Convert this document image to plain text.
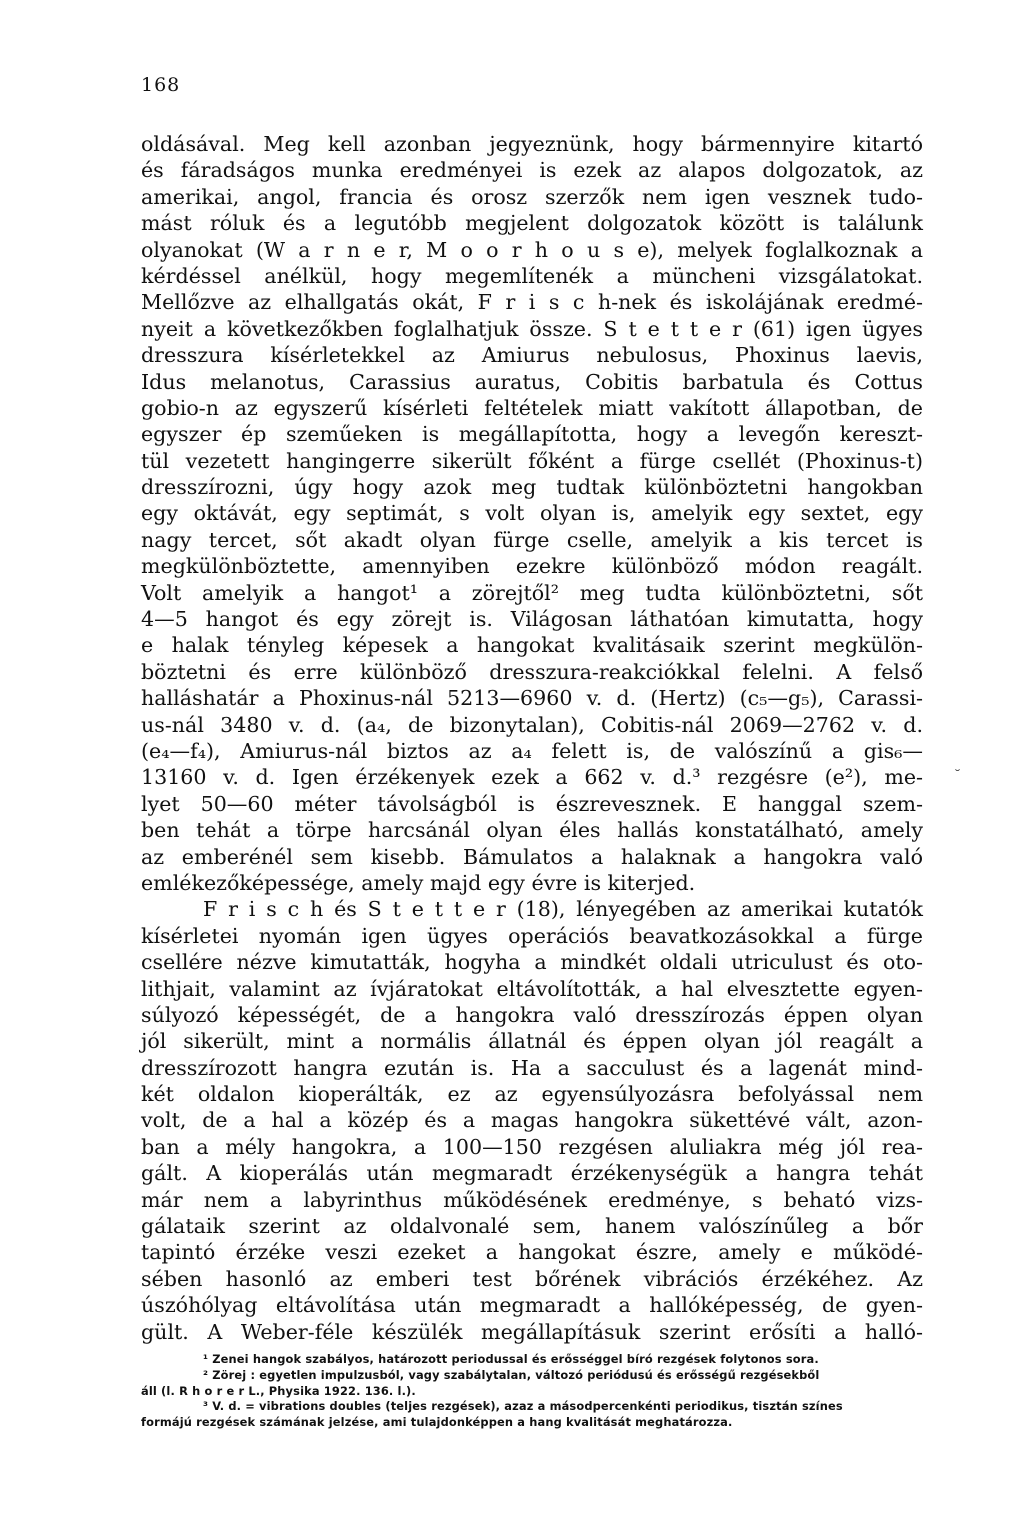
168
oldásával. Meg kell azonban jegyeznünk, hogy bármennyire kitartó
és fáradságos munka eredményei is ezek az alapos dolgozatok, az
amerikai, angol, francia és orosz szerzők nem igen vesznek tudo-
mást róluk és a legutóbb megjelent dolgozatok között is találunk
olyanokat (W a r n e r, M o o r h o u s e), melyek foglalkoznak a
kérdéssel anélkül, hogy megemlítenék a müncheni vizsgálatokat.
Mellőzve az elhallgatás okát, F r i s c h-nek és iskolájának eredmé-
nyeit a következőkben foglalhatjuk össze. S t e t t e r (61) igen ügyes
dresszura kísérletekkel az Amiurus nebulosus, Phoxinus laevis,
Idus melanotus, Carassius auratus, Cobitis barbatula és Cottus
gobio-n az egyszerű kísérleti feltételek miatt vakított állapotban, de
egyszer ép szeműeken is megállapította, hogy a levegőn kereszt-
tül vezetett hangingerre sikerült főként a fürge csellét (Phoxinus-t)
dresszírozni, úgy hogy azok meg tudtak különböztetni hangokban
egy oktávát, egy septimát, s volt olyan is, amelyik egy sextet, egy
nagy tercet, sőt akadt olyan fürge cselle, amelyik a kis tercet is
megkülönböztette, amennyiben ezekre különböző módon reagált.
Volt amelyik a hangot¹ a zörejtől² meg tudta különböztetni, sőt
4—5 hangot és egy zörejt is. Világosan láthatóan kimutatta, hogy
e halak tényleg képesek a hangokat kvalitásaik szerint megkülön-
böztetni és erre különböző dresszura-reakciókkal felelni. A felső
halláshatár a Phoxinus-nál 5213—6960 v. d. (Hertz) (c₅—g₅), Carassi-
us-nál 3480 v. d. (a₄, de bizonytalan), Cobitis-nál 2069—2762 v. d.
(e₄—f₄), Amiurus-nál biztos az a₄ felett is, de valószínű a gis₆—
13160 v. d. Igen érzékenyek ezek a 662 v. d.³ rezgésre (e²), me-
lyet 50—60 méter távolságból is észrevesznek. E hanggal szem-
ben tehát a törpe harcsánál olyan éles hallás konstatálható, amely
az emberénél sem kisebb. Bámulatos a halaknak a hangokra való
emlékezőképessége, amely majd egy évre is kiterjed.
F r i s c h és S t e t t e r (18), lényegében az amerikai kutatók
kísérletei nyomán igen ügyes operációs beavatkozásokkal a fürge
csellére nézve kimutatták, hogyha a mindkét oldali utriculust és oto-
lithjait, valamint az ívjáratokat eltávolították, a hal elvesztette egyen-
súlyozó képességét, de a hangokra való dresszírozás éppen olyan
jól sikerült, mint a normális állatnál és éppen olyan jól reagált a
dresszírozott hangra ezután is. Ha a sacculust és a lagenát mind-
két oldalon kioperálták, ez az egyensúlyozásra befolyással nem
volt, de a hal a közép és a magas hangokra sükettévé vált, azon-
ban a mély hangokra, a 100—150 rezgésen aluliakra még jól rea-
gált. A kioperálás után megmaradt érzékenységük a hangra tehát
már nem a labyrinthus működésének eredménye, s beható vizs-
gálataik szerint az oldalvonalé sem, hanem valószínűleg a bőr
tapintó érzéke veszi ezeket a hangokat észre, amely e működé-
sében hasonló az emberi test bőrének vibrációs érzékéhez. Az
úszóhólyag eltávolítása után megmaradt a hallóképesség, de gyen-
gült. A Weber-féle készülék megállapításuk szerint erősíti a halló-
˘
¹ Zenei hangok szabályos, határozott periodussal és erősséggel bíró rezgések folytonos sora.
² Zörej : egyetlen impulzusból, vagy szabálytalan, változó periódusú és erősségű rezgésekből
áll (l. R h o r e r L., Physika 1922. 136. l.).
³ V. d. = vibrations doubles (teljes rezgések), azaz a másodpercenkénti periodikus, tisztán színes
formájú rezgések számának jelzése, ami tulajdonképpen a hang kvalitását meghatározza.
